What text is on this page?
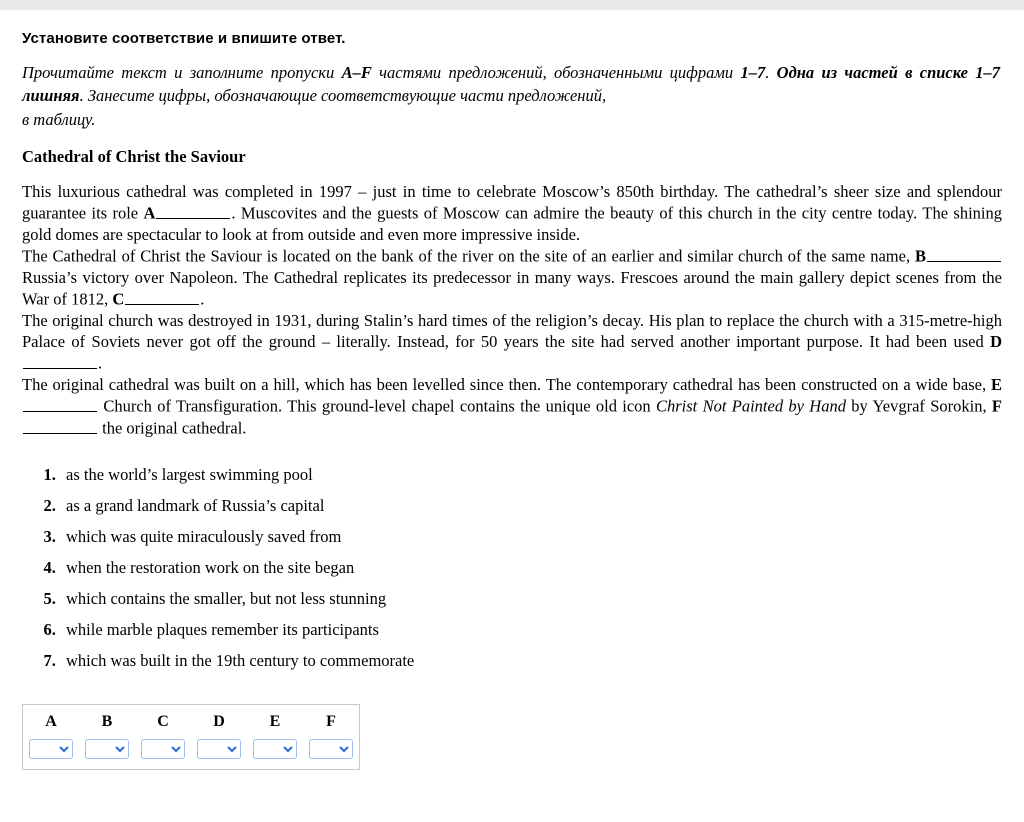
Установите соответствие и впишите ответ.
Прочитайте текст и заполните пропуски A–F частями предложений, обозначенными цифрами 1–7. Одна из частей в списке 1–7 лишняя. Занесите цифры, обозначающие соответствующие части предложений,
в таблицу.
Cathedral of Christ the Saviour
This luxurious cathedral was completed in 1997 – just in time to celebrate Moscow’s 850th birthday. The cathedral’s sheer size and splendour guarantee its role A	. Muscovites and the guests of Moscow can admire the beauty of this church in the city centre today. The shining gold domes are spectacular to look at from outside and even more impressive inside.
The Cathedral of Christ the Saviour is located on the bank of the river on the site of an earlier and similar church of the same name, B Russia’s victory over Napoleon. The Cathedral replicates its predecessor in many ways. Frescoes around the main gallery depict scenes from the War of 1812, C	.
The original church was destroyed in 1931, during Stalin’s hard times of the religion’s decay. His plan to replace the church with a 315-metre-high Palace of Soviets never got off the ground – literally. Instead, for 50 years the site had served another important purpose. It had been used D.
The original cathedral was built on a hill, which has been levelled since then. The contemporary cathedral has been constructed on a wide base, E Church of Transfiguration. This ground-level chapel contains the unique old icon Christ Not Painted by Hand by Yevgraf Sorokin, F the original cathedral.
1. as the world’s largest swimming pool
2. as a grand landmark of Russia’s capital
3. which was quite miraculously saved from
4. when the restoration work on the site began
5. which contains the smaller, but not less stunning
6. while marble plaques remember its participants
7. which was built in the 19th century to commemorate
A	B	C	D	E	F
